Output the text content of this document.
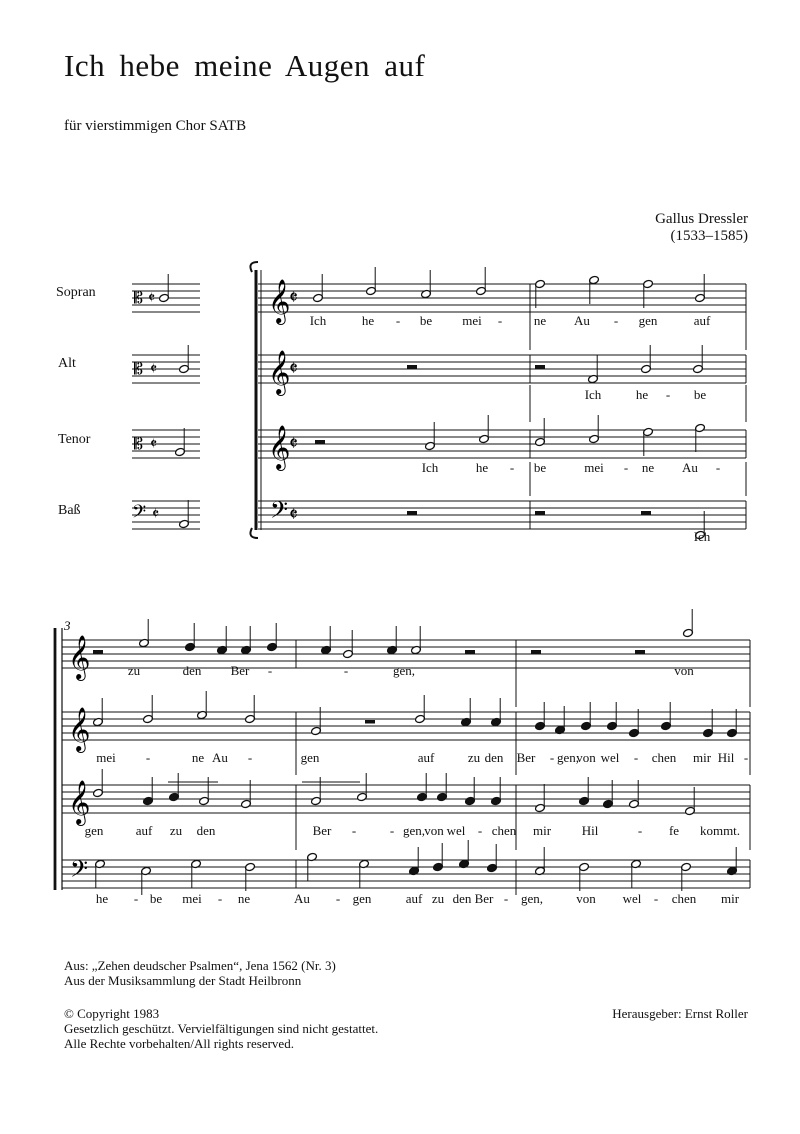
Ich hebe meine Augen auf
für vierstimmigen Chor SATB
Gallus Dressler
(1533–1585)
Sopran
Alt
Tenor
Baß
𝄡 𝄵
𝄡 𝄵
𝄡 𝄵
𝄢 𝄵
𝄞
𝄵
𝄞
𝄵
𝄞
𝄵
𝄢 𝄵
Ich	he - be mei - ne Au - gen	auf
Ich	he - be
Ich	he - be	mei - ne Au -
Ich
3
𝄞
𝄞
𝄞
𝄢
zu	den Ber -	-	gen,	von
mei -	ne Au -	gen	auf	zu den Ber - gen,
von wel - chen mir Hil -
gen auf zu den	Ber -	- gen, von wel - chen mir Hil	- fe kommt.
he - be mei - ne	Au - gen	auf zu den Ber - gen,	von wel - chen mir
Aus: „Zehen deudscher Psalmen“, Jena 1562 (Nr. 3)
Aus der Musiksammlung der Stadt Heilbronn
© Copyright 1983
Gesetzlich geschützt. Vervielfältigungen sind nicht gestattet.
Alle Rechte vorbehalten/All rights reserved.
Herausgeber: Ernst Roller
